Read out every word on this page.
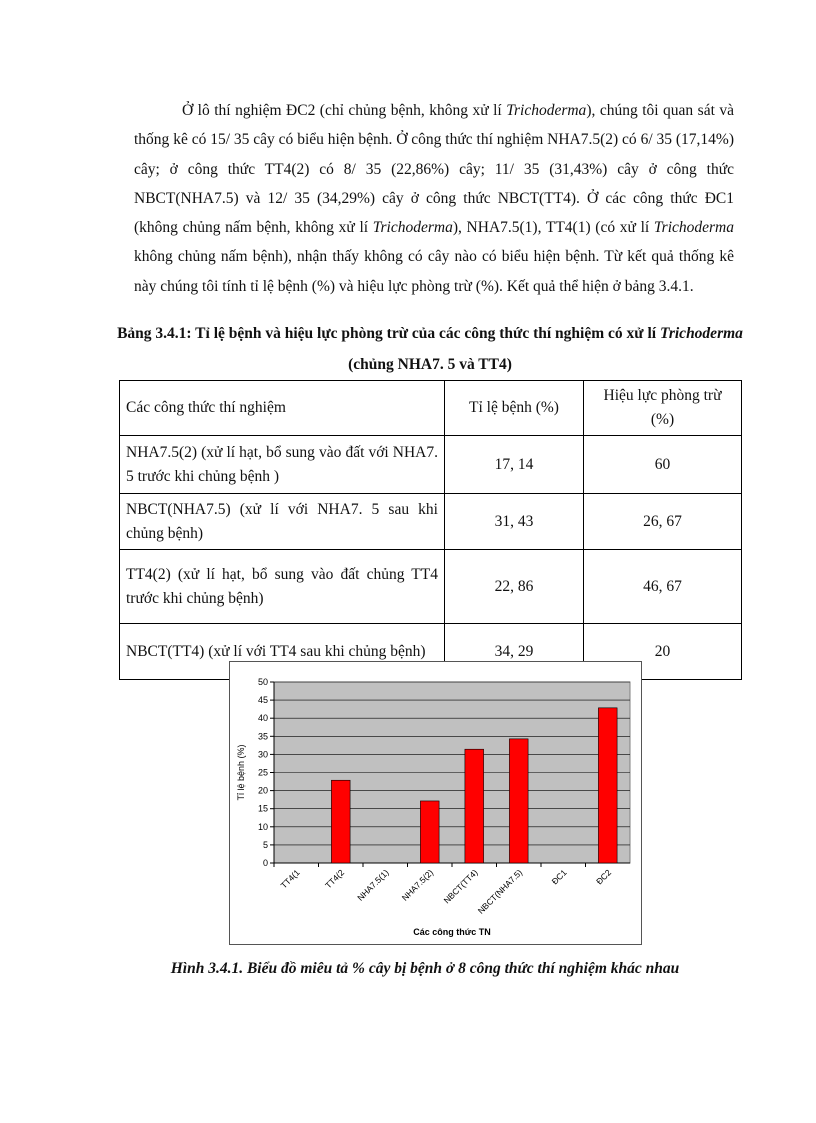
Ở lô thí nghiệm ĐC2 (chỉ chủng bệnh, không xử lí Trichoderma), chúng tôi quan sát và thống kê có 15/ 35 cây có biểu hiện bệnh. Ở công thức thí nghiệm NHA7.5(2) có 6/ 35 (17,14%) cây; ở công thức TT4(2) có 8/ 35 (22,86%) cây; 11/ 35 (31,43%) cây ở công thức NBCT(NHA7.5) và 12/ 35 (34,29%) cây ở công thức NBCT(TT4). Ở các công thức ĐC1 (không chủng nấm bệnh, không xử lí Trichoderma), NHA7.5(1), TT4(1) (có xử lí Trichoderma không chủng nấm bệnh), nhận thấy không có cây nào có biểu hiện bệnh. Từ kết quả thống kê này chúng tôi tính tỉ lệ bệnh (%) và hiệu lực phòng trừ (%). Kết quả thể hiện ở bảng 3.4.1.

Bảng 3.4.1: Tỉ lệ bệnh và hiệu lực phòng trừ của các công thức thí nghiệm có xử lí Trichoderma (chủng NHA7. 5 và TT4)

Các công thức thí nghiệm	Tỉ lệ bệnh (%)	Hiệu lực phòng trừ (%)
NHA7.5(2) (xử lí hạt, bổ sung vào đất với NHA7. 5 trước khi chủng bệnh )	17, 14	60
NBCT(NHA7.5) (xử lí với NHA7. 5 sau khi chủng bệnh)	31, 43	26, 67
TT4(2) (xử lí hạt, bổ sung vào đất chủng TT4 trước khi chủng bệnh)	22, 86	46, 67
NBCT(TT4) (xử lí với TT4 sau khi chủng bệnh)	34, 29	20
0
5
10
15
20
25
30
35
40
45
50
TT4(1	TT4(2 NHA7.5(1) NHA7.5(2) NBCT(TT4)
NBCT(NHA7.5)	ĐC1	ĐC2
Các công thức TN
Tỉ lệ bệnh (%)

Hình 3.4.1. Biểu đồ miêu tả % cây bị bệnh ở 8 công thức thí nghiệm khác nhau
